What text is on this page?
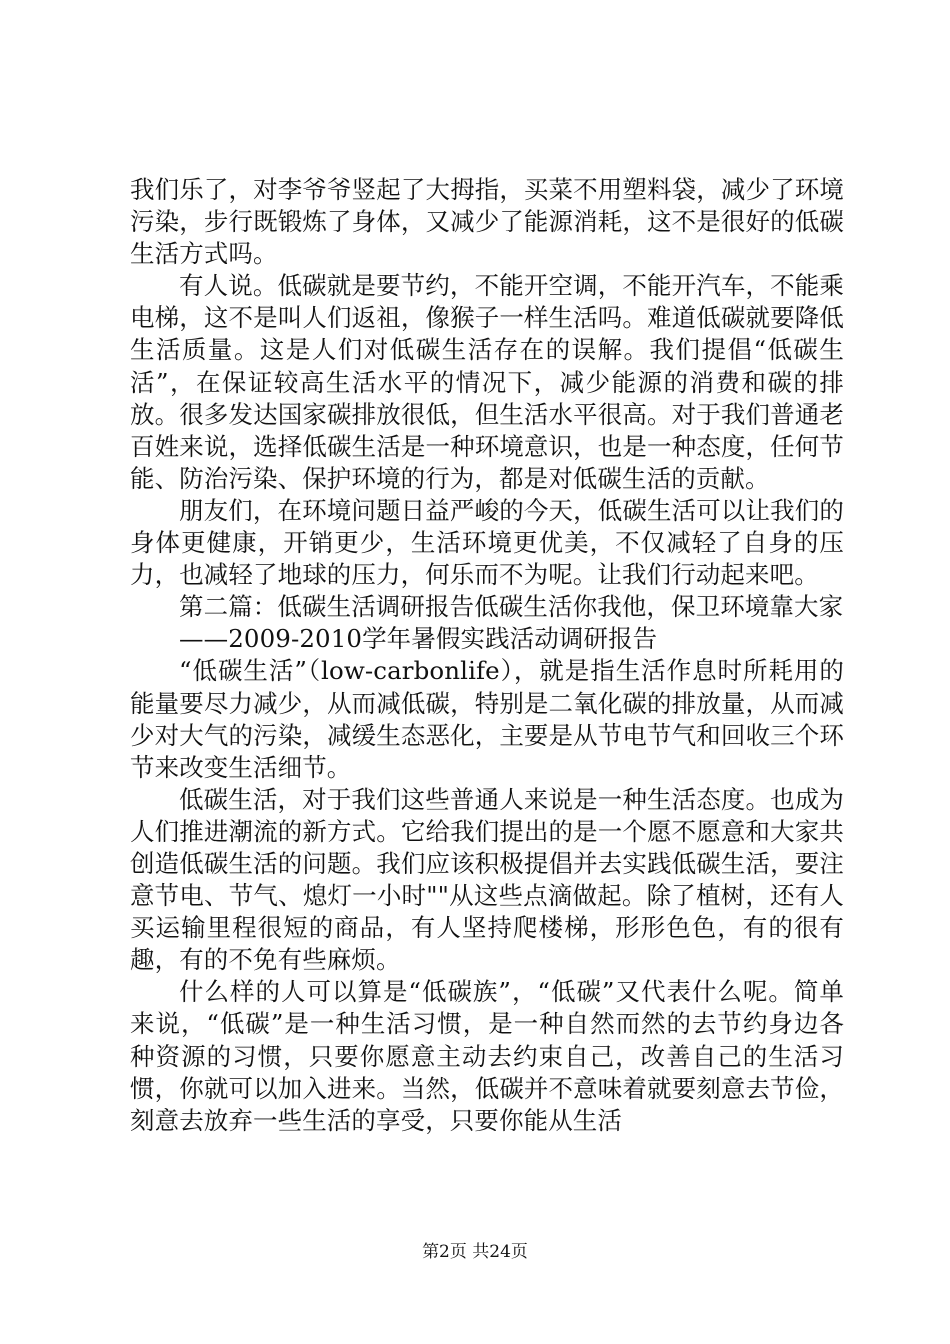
我们乐了，对李爷爷竖起了大拇指，买菜不用塑料袋，减少了环境污染，步行既锻炼了身体，又减少了能源消耗，这不是很好的低碳生活方式吗。

有人说。低碳就是要节约，不能开空调，不能开汽车，不能乘电梯，这不是叫人们返祖，像猴子一样生活吗。难道低碳就要降低生活质量。这是人们对低碳生活存在的误解。我们提倡“低碳生活”，在保证较高生活水平的情况下，减少能源的消费和碳的排放。很多发达国家碳排放很低，但生活水平很高。对于我们普通老百姓来说，选择低碳生活是一种环境意识，也是一种态度，任何节能、防治污染、保护环境的行为，都是对低碳生活的贡献。

朋友们，在环境问题日益严峻的今天，低碳生活可以让我们的身体更健康，开销更少，生活环境更优美，不仅减轻了自身的压力，也减轻了地球的压力，何乐而不为呢。让我们行动起来吧。

第二篇：低碳生活调研报告低碳生活你我他，保卫环境靠大家

——2009-2010学年暑假实践活动调研报告

“低碳生活”（low-carbonlife），就是指生活作息时所耗用的能量要尽力减少，从而减低碳，特别是二氧化碳的排放量，从而减少对大气的污染，减缓生态恶化，主要是从节电节气和回收三个环节来改变生活细节。

低碳生活，对于我们这些普通人来说是一种生活态度。也成为人们推进潮流的新方式。它给我们提出的是一个愿不愿意和大家共创造低碳生活的问题。我们应该积极提倡并去实践低碳生活，要注意节电、节气、熄灯一小时""从这些点滴做起。除了植树，还有人买运输里程很短的商品，有人坚持爬楼梯，形形色色，有的很有趣，有的不免有些麻烦。

什么样的人可以算是“低碳族”，“低碳”又代表什么呢。简单来说，“低碳”是一种生活习惯，是一种自然而然的去节约身边各种资源的习惯，只要你愿意主动去约束自己，改善自己的生活习惯，你就可以加入进来。当然，低碳并不意味着就要刻意去节俭，刻意去放弃一些生活的享受，只要你能从生活

第2页 共24页
